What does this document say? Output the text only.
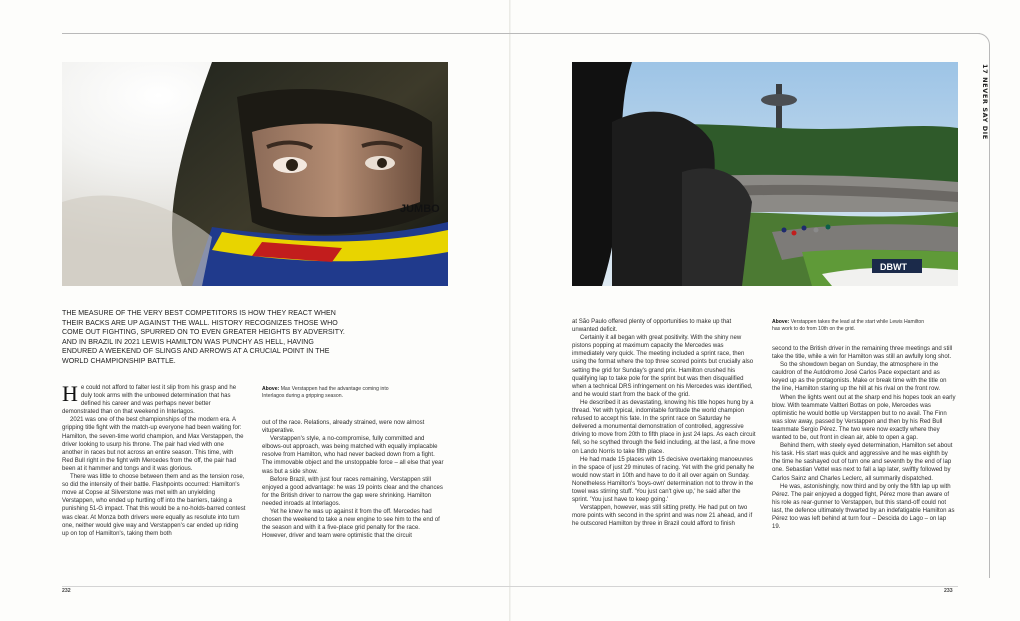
17 NEVER SAY DIE
JUMBO
DBWT
THE MEASURE OF THE VERY BEST COMPETITORS IS HOW THEY REACT WHEN THEIR BACKS ARE UP AGAINST THE WALL. HISTORY RECOGNIZES THOSE WHO COME OUT FIGHTING, SPURRED ON TO EVEN GREATER HEIGHTS BY ADVERSITY. AND IN BRAZIL IN 2021 LEWIS HAMILTON WAS PUNCHY AS HELL, HAVING ENDURED A WEEKEND OF SLINGS AND ARROWS AT A CRUCIAL POINT IN THE WORLD CHAMPIONSHIP BATTLE.
Above: Max Verstappen had the advantage coming into Interlagos during a gripping season.
Above: Verstappen takes the lead at the start while Lewis Hamilton has work to do from 10th on the grid.

He could not afford to falter lest it slip from his grasp and he duly took arms with the unbowed determination that has defined his career and was perhaps never better demonstrated than on that weekend in Interlagos.

2021 was one of the best championships of the modern era. A gripping title fight with the match-up everyone had been waiting for: Hamilton, the seven-time world champion, and Max Verstappen, the driver looking to usurp his throne. The pair had vied with one another in races but not across an entire season. This time, with Red Bull right in the fight with Mercedes from the off, the pair had been at it hammer and tongs and it was glorious.

There was little to choose between them and as the tension rose, so did the intensity of their battle. Flashpoints occurred: Hamilton's move at Copse at Silverstone was met with an unyielding Verstappen, who ended up hurtling off into the barriers, taking a punishing 51-G impact. That this would be a no-holds-barred contest was clear. At Monza both drivers were equally as resolute into turn one, neither would give way and Verstappen's car ended up riding up on top of Hamilton's, taking them both

out of the race. Relations, already strained, were now almost vituperative.

Verstappen's style, a no-compromise, fully committed and elbows-out approach, was being matched with equally implacable resolve from Hamilton, who had never backed down from a fight. The immovable object and the unstoppable force – all else that year was but a side show.

Before Brazil, with just four races remaining, Verstappen still enjoyed a good advantage: he was 19 points clear and the chances for the British driver to narrow the gap were shrinking. Hamilton needed inroads at Interlagos.

Yet he knew he was up against it from the off. Mercedes had chosen the weekend to take a new engine to see him to the end of the season and with it a five-place grid penalty for the race. However, driver and team were optimistic that the circuit

at São Paulo offered plenty of opportunities to make up that unwanted deficit.

Certainly it all began with great positivity. With the shiny new pistons popping at maximum capacity the Mercedes was immediately very quick. The meeting included a sprint race, then using the format where the top three scored points but crucially also setting the grid for Sunday's grand prix. Hamilton crushed his qualifying lap to take pole for the sprint but was then disqualified when a technical DRS infringement on his Mercedes was identified, and he would start from the back of the grid.

He described it as devastating, knowing his title hopes hung by a thread. Yet with typical, indomitable fortitude the world champion refused to accept his fate. In the sprint race on Saturday he delivered a monumental demonstration of controlled, aggressive driving to move from 20th to fifth place in just 24 laps. As each circuit fell, so he scythed through the field including, at the last, a fine move on Lando Norris to take fifth place.

He had made 15 places with 15 decisive overtaking manoeuvres in the space of just 29 minutes of racing. Yet with the grid penalty he would now start in 10th and have to do it all over again on Sunday. Nonetheless Hamilton's 'boys-own' determination not to throw in the towel was stirring stuff. 'You just can't give up,' he said after the sprint. 'You just have to keep going.'

Verstappen, however, was still sitting pretty. He had put on two more points with second in the sprint and was now 21 ahead, and if he outscored Hamilton by three in Brazil could afford to finish

second to the British driver in the remaining three meetings and still take the title, while a win for Hamilton was still an awfully long shot.

So the showdown began on Sunday, the atmosphere in the cauldron of the Autódromo José Carlos Pace expectant and as keyed up as the protagonists. Make or break time with the title on the line, Hamilton staring up the hill at his rival on the front row.

When the lights went out at the sharp end his hopes took an early blow. With teammate Valtteri Bottas on pole, Mercedes was optimistic he would bottle up Verstappen but to no avail. The Finn was slow away, passed by Verstappen and then by his Red Bull teammate Sergio Pérez. The two were now exactly where they wanted to be, out front in clean air, able to open a gap.

Behind them, with steely eyed determination, Hamilton set about his task. His start was quick and aggressive and he was eighth by the time he sashayed out of turn one and seventh by the end of lap one. Sebastian Vettel was next to fall a lap later, swiftly followed by Carlos Sainz and Charles Leclerc, all summarily dispatched.

He was, astonishingly, now third and by only the fifth lap up with Pérez. The pair enjoyed a dogged fight, Pérez more than aware of his role as rear-gunner to Verstappen, but this stand-off could not last, the defence ultimately thwarted by an indefatigable Hamilton as Pérez too was left behind at turn four – Descida do Lago – on lap 19.

232	233
